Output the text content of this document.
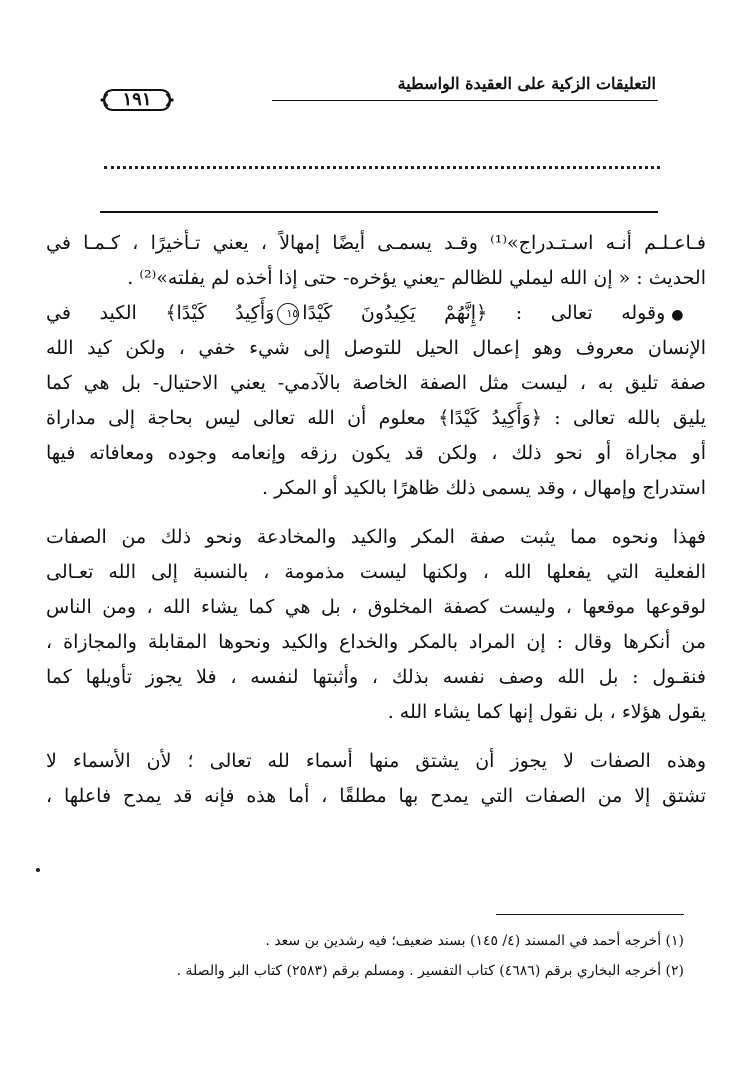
التعليقات الزكية على العقيدة الواسطية
١٩١
فـاعـلـم أنـه اسـتـدراج»⁽¹⁾ وقـد يسمـى أيضًا إمهالاً ، يعني تـأخيرًا ، كـمـا في
الحديث : « إن الله ليملي للظالم -يعني يؤخره- حتى إذا أخذه لم يفلته»⁽²⁾ .
●وقوله تعالى : ﴿إِنَّهُمْ يَكِيدُونَ كَيْدًا١٥وَأَكِيدُ كَيْدًا﴾ الكيد في
الإنسان معروف وهو إعمال الحيل للتوصل إلى شيء خفي ، ولكن كيد الله
صفة تليق به ، ليست مثل الصفة الخاصة بالآدمي- يعني الاحتيال- بل هي كما
يليق بالله تعالى : ﴿وَأَكِيدُ كَيْدًا﴾ معلوم أن الله تعالى ليس بحاجة إلى مداراة
أو مجاراة أو نحو ذلك ، ولكن قد يكون رزقه وإنعامه وجوده ومعافاته فيها
استدراج وإمهال ، وقد يسمى ذلك ظاهرًا بالكيد أو المكر .
فهذا ونحوه مما يثبت صفة المكر والكيد والمخادعة ونحو ذلك من الصفات
الفعلية التي يفعلها الله ، ولكنها ليست مذمومة ، بالنسبة إلى الله تعـالى
لوقوعها موقعها ، وليست كصفة المخلوق ، بل هي كما يشاء الله ، ومن الناس
من أنكرها وقال : إن المراد بالمكر والخداع والكيد ونحوها المقابلة والمجازاة ،
فنقـول : بل الله وصف نفسه بذلك ، وأثبتها لنفسه ، فلا يجوز تأويلها كما
يقول هؤلاء ، بل نقول إنها كما يشاء الله .
وهذه الصفات لا يجوز أن يشتق منها أسماء لله تعالى ؛ لأن الأسماء لا
تشتق إلا من الصفات التي يمدح بها مطلقًا ، أما هذه فإنه قد يمدح فاعلها ،
(١) أخرجه أحمد في المسند (٤/ ١٤٥) بسند ضعيف؛ فيه رشدين بن سعد .
(٢) أخرجه البخاري برقم (٤٦٨٦) كتاب التفسير . ومسلم برقم (٢٥٨٣) كتاب البر والصلة .
